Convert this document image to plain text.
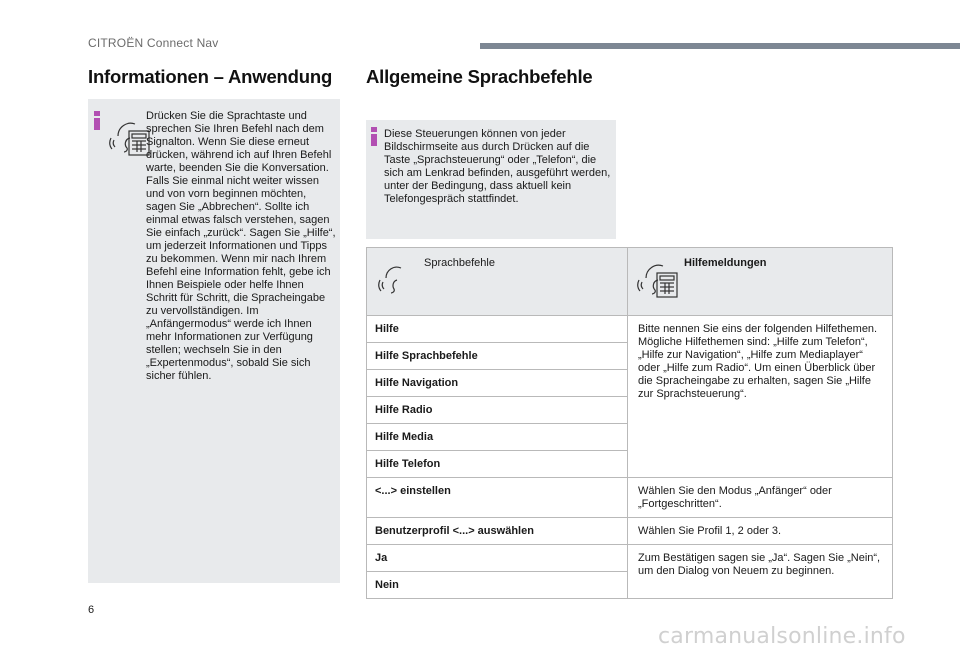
CITROËN Connect Nav
Informationen – Anwendung Allgemeine Sprachbefehle
Drücken Sie die Sprachtaste und sprechen Sie Ihren Befehl nach dem Signalton. Wenn Sie diese erneut drücken, während ich auf Ihren Befehl warte, beenden Sie die Konversation. Falls Sie einmal nicht weiter wissen und von vorn beginnen möchten, sagen Sie „Abbrechen“. Sollte ich einmal etwas falsch verstehen, sagen Sie einfach „zurück“. Sagen Sie „Hilfe“, um jederzeit Informationen und Tipps zu bekommen. Wenn mir nach Ihrem Befehl eine Information fehlt, gebe ich Ihnen Beispiele oder helfe Ihnen Schritt für Schritt, die Spracheingabe zu vervollständigen. Im „Anfängermodus“ werde ich Ihnen mehr Informationen zur Verfügung stellen; wechseln Sie in den „Expertenmodus“, sobald Sie sich sicher fühlen.
Diese Steuerungen können von jeder Bildschirmseite aus durch Drücken auf die Taste „Sprachsteuerung“ oder „Telefon“, die sich am Lenkrad befinden, ausgeführt werden, unter der Bedingung, dass aktuell kein Telefongespräch stattfindet.
Sprachbefehle	Hilfemeldungen

Hilfe	Bitte nennen Sie eins der folgenden Hilfethemen. Mögliche Hilfethemen sind: „Hilfe zum Telefon“, „Hilfe zur Navigation“, „Hilfe zum Mediaplayer“ oder „Hilfe zum Radio“. Um einen Überblick über die Spracheingabe zu erhalten, sagen Sie „Hilfe zur Sprachsteuerung“.
Hilfe Sprachbefehle	
Hilfe Navigation	
Hilfe Radio	
Hilfe Media	
Hilfe Telefon	
<...> einstellen	Wählen Sie den Modus „Anfänger“ oder „Fortgeschritten“.
Benutzerprofil <...> auswählen	Wählen Sie Profil 1, 2 oder 3.
Ja	Zum Bestätigen sagen sie „Ja“. Sagen Sie „Nein“, um den Dialog von Neuem zu beginnen.
Nein	
6
carmanualsonline.info
